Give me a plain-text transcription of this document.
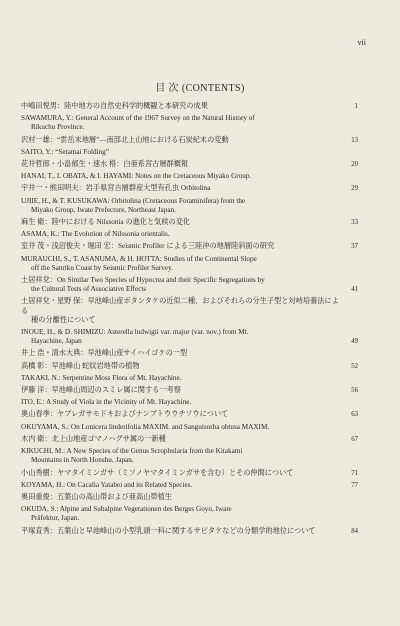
vii
目 次 (CONTENTS)
中嶋田悦男：陸中地方の自然史科学的概観と本研究の成果	1
SAWAMURA, Y.: General Account of the 1967 Survey on the Natural History of
Rikuchu Province.
沢村一雄：“雲岳末地層”—南部北上山地における石炭紀末の変動	13
SAITO, Y.: “Setamai Folding”
花井哲郎・小畠郁生・速水 格：白亜系宮古層群概報	20
HANAI, T., I. OBATA, & I. HAYAMI: Notes on the Cretaceous Miyako Group.
宇井一・熊田明夫：岩手県宮古層群産大型有孔虫 Orbitolina	29
UJIIE, H., & T. KUSUKAWA: Orbitolina (Cretaceous Foraminifera) from the
Miyako Group, Iwate Prefecture, Northeast Japan.
麻生 衛：陸中における Nilssonia の進化と気候の変化	33
ASAMA, K.: The Evolution of Nilssonia orientalis.
室井 茂・浅沼俊夫・堀田 宏：Seismic Profiler による三陸沖の地層陸斜面の研究	37
MURAUCHI, S., T. ASANUMA, & H. HOTTA: Studies of the Continental Slope
off the Sanriku Coast by Seismic Profiler Survey.
土居祥兌：On Similar Two Species of Hypocrea and their Specific Segregations by
the Cultural Tests of Associative Effects	41
土居祥兌・星野 保：早池峰山産ボタンタケの近似二種、およびそれらの分生子型と対峙培養法による
種の分離性について
INOUE, H., & D. SHIMIZU: Asterella ludwigii var. major (var. nov.) from Mt.
Hayachine, Japan	49
井上 浩・清水大典：早池峰山産サイハイゴケの一型
高橋 彰：早池峰山 蛇紋岩地帯の植物	52
TAKAKI, N.: Serpentine Moss Flora of Mt. Hayachine.
伊藤 洋：早池峰山周辺のスミレ属に関する一考察	56
ITO, E.: A Study of Viola in the Vicinity of Mt. Hayachine.
奥山春季：ヤブレガサモドキおよびナンブトウウチソウについて	63
OKUYAMA, S.: On Lonicera linderifolia MAXIM. and Sanguisorba obtusa MAXIM.
木内 衛：北上山地産ゴマノハグサ属の一新種	67
KIKUCHI, M.: A New Species of the Genus Scrophularia from the Kitakami
Mountains in North Honshu, Japan.
小山秀樹：ヤマタイミンガサ（ミソノヤマタイミンガサを含む）とその仲間について	71
KOYAMA, H.: On Cacalia Yatabei and its Related Species.	77
奥田重俊：五葉山の高山帯および亜高山帯植生
OKUDA, S.: Alpine and Subalpine Vegetationen des Berges Goyo, Iwate
Präfektur, Japan.
平塚直秀：五葉山と早池峰山の小型乳頭一科に関するサビタケなどの分類学的地位について	84
